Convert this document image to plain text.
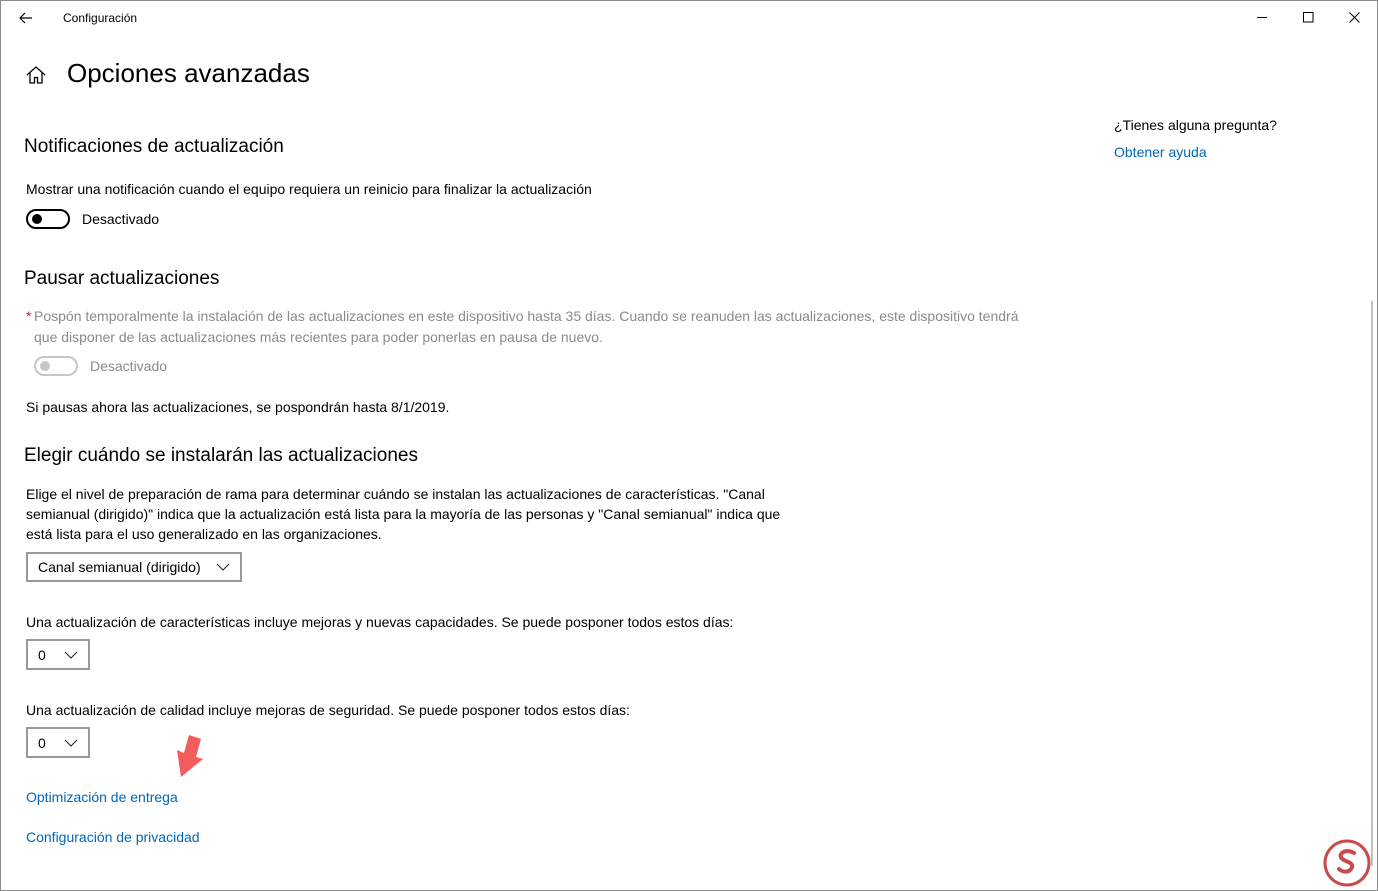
Configuración
Opciones avanzadas
¿Tienes alguna pregunta?
Obtener ayuda
Notificaciones de actualización
Mostrar una notificación cuando el equipo requiera un reinicio para finalizar la actualización
Desactivado
Pausar actualizaciones
* Pospón temporalmente la instalación de las actualizaciones en este dispositivo hasta 35 días. Cuando se reanuden las actualizaciones, este dispositivo tendrá
que disponer de las actualizaciones más recientes para poder ponerlas en pausa de nuevo.
Desactivado
Si pausas ahora las actualizaciones, se pospondrán hasta 8/1/2019.
Elegir cuándo se instalarán las actualizaciones
Elige el nivel de preparación de rama para determinar cuándo se instalan las actualizaciones de características. "Canal
semianual (dirigido)" indica que la actualización está lista para la mayoría de las personas y "Canal semianual" indica que
está lista para el uso generalizado en las organizaciones.
Canal semianual (dirigido)
Una actualización de características incluye mejoras y nuevas capacidades. Se puede posponer todos estos días:
0
Una actualización de calidad incluye mejoras de seguridad. Se puede posponer todos estos días:
0
Optimización de entrega
Configuración de privacidad
